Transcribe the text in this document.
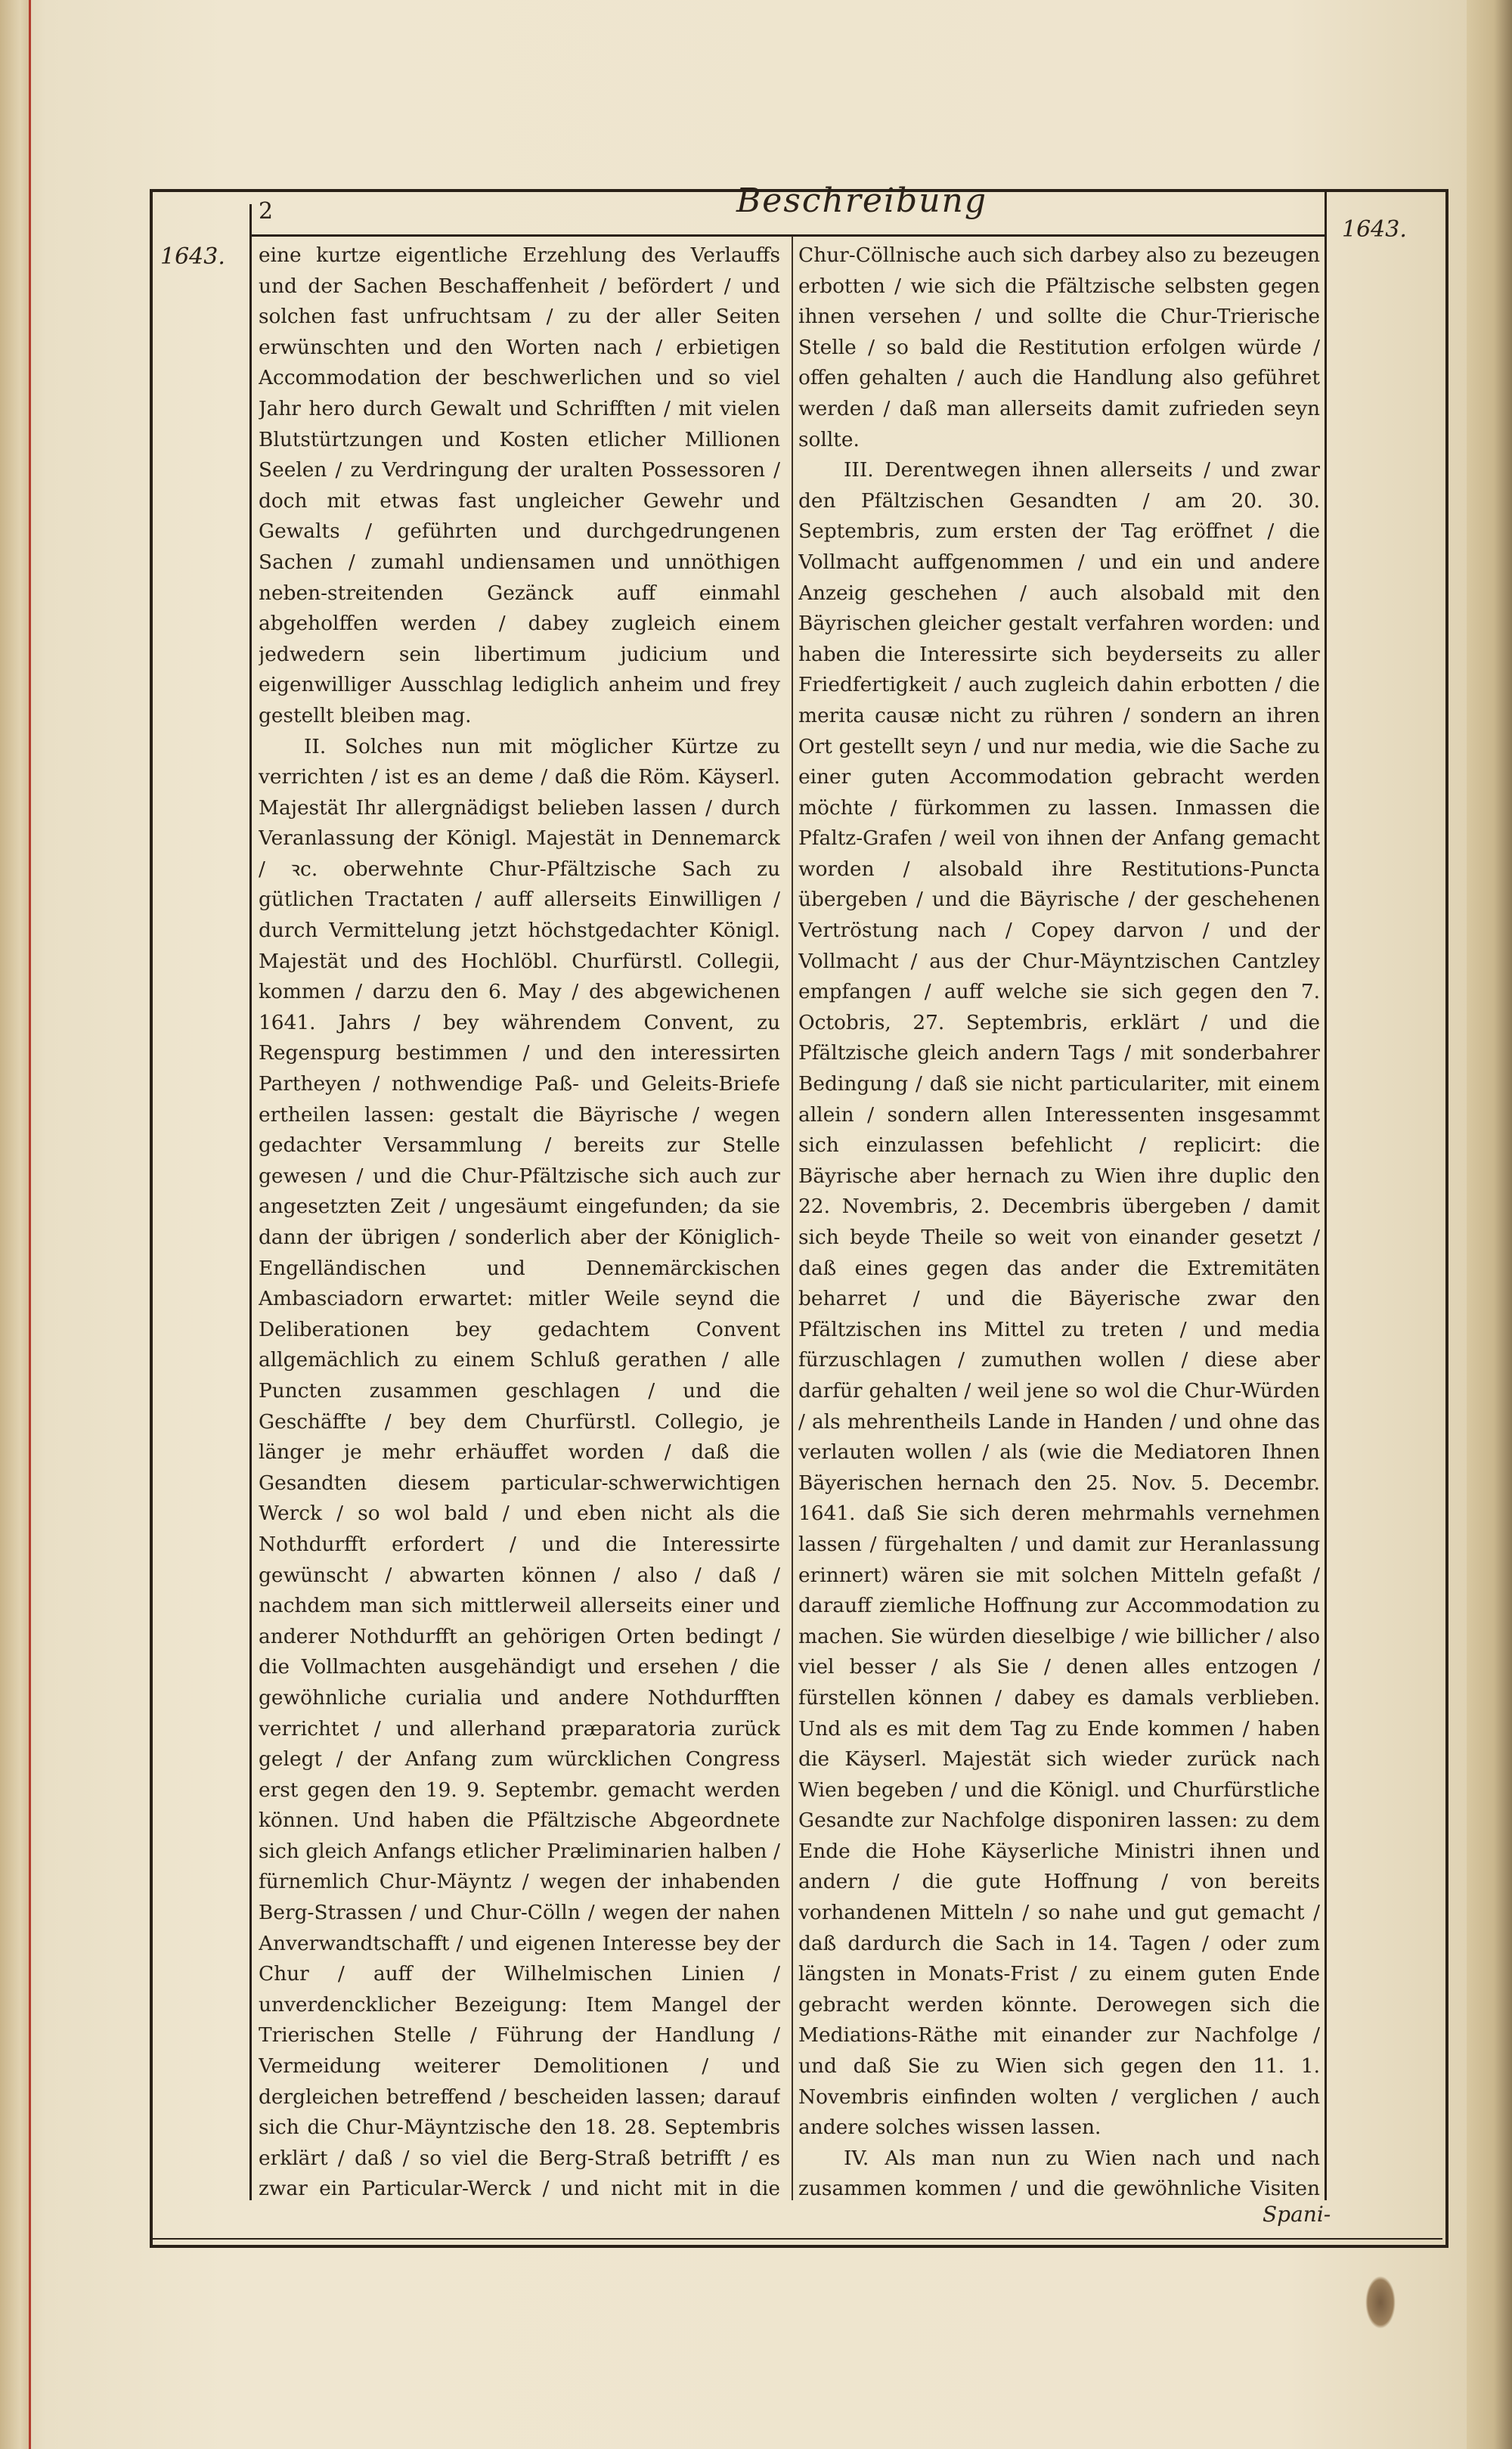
2	Beschreibung
1643.
1643.

eine kurtze eigentliche Erzehlung des Verlauffs und der Sachen Beschaffenheit / befördert / und solchen fast unfruchtsam / zu der aller Seiten erwünschten und den Worten nach / erbietigen Accommodation der beschwerlichen und so viel Jahr hero durch Gewalt und Schrifften / mit vielen Blutstürtzungen und Kosten etlicher Millionen Seelen / zu Verdringung der uralten Possessoren / doch mit etwas fast ungleicher Gewehr und Gewalts / geführten und durchgedrungenen Sachen / zumahl undiensamen und unnöthigen neben-streitenden Gezänck auff einmahl abgeholffen werden / dabey zugleich einem jedwedern sein libertimum judicium und eigenwilliger Ausschlag lediglich anheim und frey gestellt bleiben mag.

II. Solches nun mit möglicher Kürtze zu verrichten / ist es an deme / daß die Röm. Käyserl. Majestät Ihr allergnädigst belieben lassen / durch Veranlassung der Königl. Majestät in Dennemarck / ꝛc. oberwehnte Chur-Pfältzische Sach zu gütlichen Tractaten / auff allerseits Einwilligen / durch Vermittelung jetzt höchstgedachter Königl. Majestät und des Hochlöbl. Churfürstl. Collegii, kommen / darzu den 6. May / des abgewichenen 1641. Jahrs / bey währendem Convent, zu Regenspurg bestimmen / und den interessirten Partheyen / nothwendige Paß- und Geleits-Briefe ertheilen lassen: gestalt die Bäyrische / wegen gedachter Versammlung / bereits zur Stelle gewesen / und die Chur-Pfältzische sich auch zur angesetzten Zeit / ungesäumt eingefunden; da sie dann der übrigen / sonderlich aber der Königlich-Engelländischen und Dennemärckischen Ambasciadorn erwartet: mitler Weile seynd die Deliberationen bey gedachtem Convent allgemächlich zu einem Schluß gerathen / alle Puncten zusammen geschlagen / und die Geschäffte / bey dem Churfürstl. Collegio, je länger je mehr erhäuffet worden / daß die Gesandten diesem particular-schwerwichtigen Werck / so wol bald / und eben nicht als die Nothdurfft erfordert / und die Interessirte gewünscht / abwarten können / also / daß / nachdem man sich mittlerweil allerseits einer und anderer Nothdurfft an gehörigen Orten bedingt / die Vollmachten ausgehändigt und ersehen / die gewöhnliche curialia und andere Nothdurfften verrichtet / und allerhand præparatoria zurück gelegt / der Anfang zum würcklichen Congress erst gegen den 19. 9. Septembr. gemacht werden können. Und haben die Pfältzische Abgeordnete sich gleich Anfangs etlicher Præliminarien halben / fürnemlich Chur-Mäyntz / wegen der inhabenden Berg-Strassen / und Chur-Cölln / wegen der nahen Anverwandtschafft / und eigenen Interesse bey der Chur / auff der Wilhelmischen Linien / unverdencklicher Bezeigung: Item Mangel der Trierischen Stelle / Führung der Handlung / Vermeidung weiterer Demolitionen / und dergleichen betreffend / bescheiden lassen; darauf sich die Chur-Mäyntzische den 18. 28. Septembris erklärt / daß / so viel die Berg-Straß betrifft / es zwar ein Particular-Werck / und nicht mit in die

Chur-Cöllnische auch sich darbey also zu bezeugen erbotten / wie sich die Pfältzische selbsten gegen ihnen versehen / und sollte die Chur-Trierische Stelle / so bald die Restitution erfolgen würde / offen gehalten / auch die Handlung also geführet werden / daß man allerseits damit zufrieden seyn sollte.

III. Derentwegen ihnen allerseits / und zwar den Pfältzischen Gesandten / am 20. 30. Septembris, zum ersten der Tag eröffnet / die Vollmacht auffgenommen / und ein und andere Anzeig geschehen / auch alsobald mit den Bäyrischen gleicher gestalt verfahren worden: und haben die Interessirte sich beyderseits zu aller Friedfertigkeit / auch zugleich dahin erbotten / die merita causæ nicht zu rühren / sondern an ihren Ort gestellt seyn / und nur media, wie die Sache zu einer guten Accommodation gebracht werden möchte / fürkommen zu lassen. Inmassen die Pfaltz-Grafen / weil von ihnen der Anfang gemacht worden / alsobald ihre Restitutions-Puncta übergeben / und die Bäyrische / der geschehenen Vertröstung nach / Copey darvon / und der Vollmacht / aus der Chur-Mäyntzischen Cantzley empfangen / auff welche sie sich gegen den 7. Octobris, 27. Septembris, erklärt / und die Pfältzische gleich andern Tags / mit sonderbahrer Bedingung / daß sie nicht particulariter, mit einem allein / sondern allen Interessenten insgesammt sich einzulassen befehlicht / replicirt: die Bäyrische aber hernach zu Wien ihre duplic den 22. Novembris, 2. Decembris übergeben / damit sich beyde Theile so weit von einander gesetzt / daß eines gegen das ander die Extremitäten beharret / und die Bäyerische zwar den Pfältzischen ins Mittel zu treten / und media fürzuschlagen / zumuthen wollen / diese aber darfür gehalten / weil jene so wol die Chur-Würden / als mehrentheils Lande in Handen / und ohne das verlauten wollen / als (wie die Mediatoren Ihnen Bäyerischen hernach den 25. Nov. 5. Decembr. 1641. daß Sie sich deren mehrmahls vernehmen lassen / fürgehalten / und damit zur Heranlassung erinnert) wären sie mit solchen Mitteln gefaßt / darauff ziemliche Hoffnung zur Accommodation zu machen. Sie würden dieselbige / wie billicher / also viel besser / als Sie / denen alles entzogen / fürstellen können / dabey es damals verblieben. Und als es mit dem Tag zu Ende kommen / haben die Käyserl. Majestät sich wieder zurück nach Wien begeben / und die Königl. und Churfürstliche Gesandte zur Nachfolge disponiren lassen: zu dem Ende die Hohe Käyserliche Ministri ihnen und andern / die gute Hoffnung / von bereits vorhandenen Mitteln / so nahe und gut gemacht / daß dardurch die Sach in 14. Tagen / oder zum längsten in Monats-Frist / zu einem guten Ende gebracht werden könnte. Derowegen sich die Mediations-Räthe mit einander zur Nachfolge / und daß Sie zu Wien sich gegen den 11. 1. Novembris einfinden wolten / verglichen / auch andere solches wissen lassen.

IV. Als man nun zu Wien nach und nach zusammen kommen / und die gewöhnliche Visiten

Spani-
